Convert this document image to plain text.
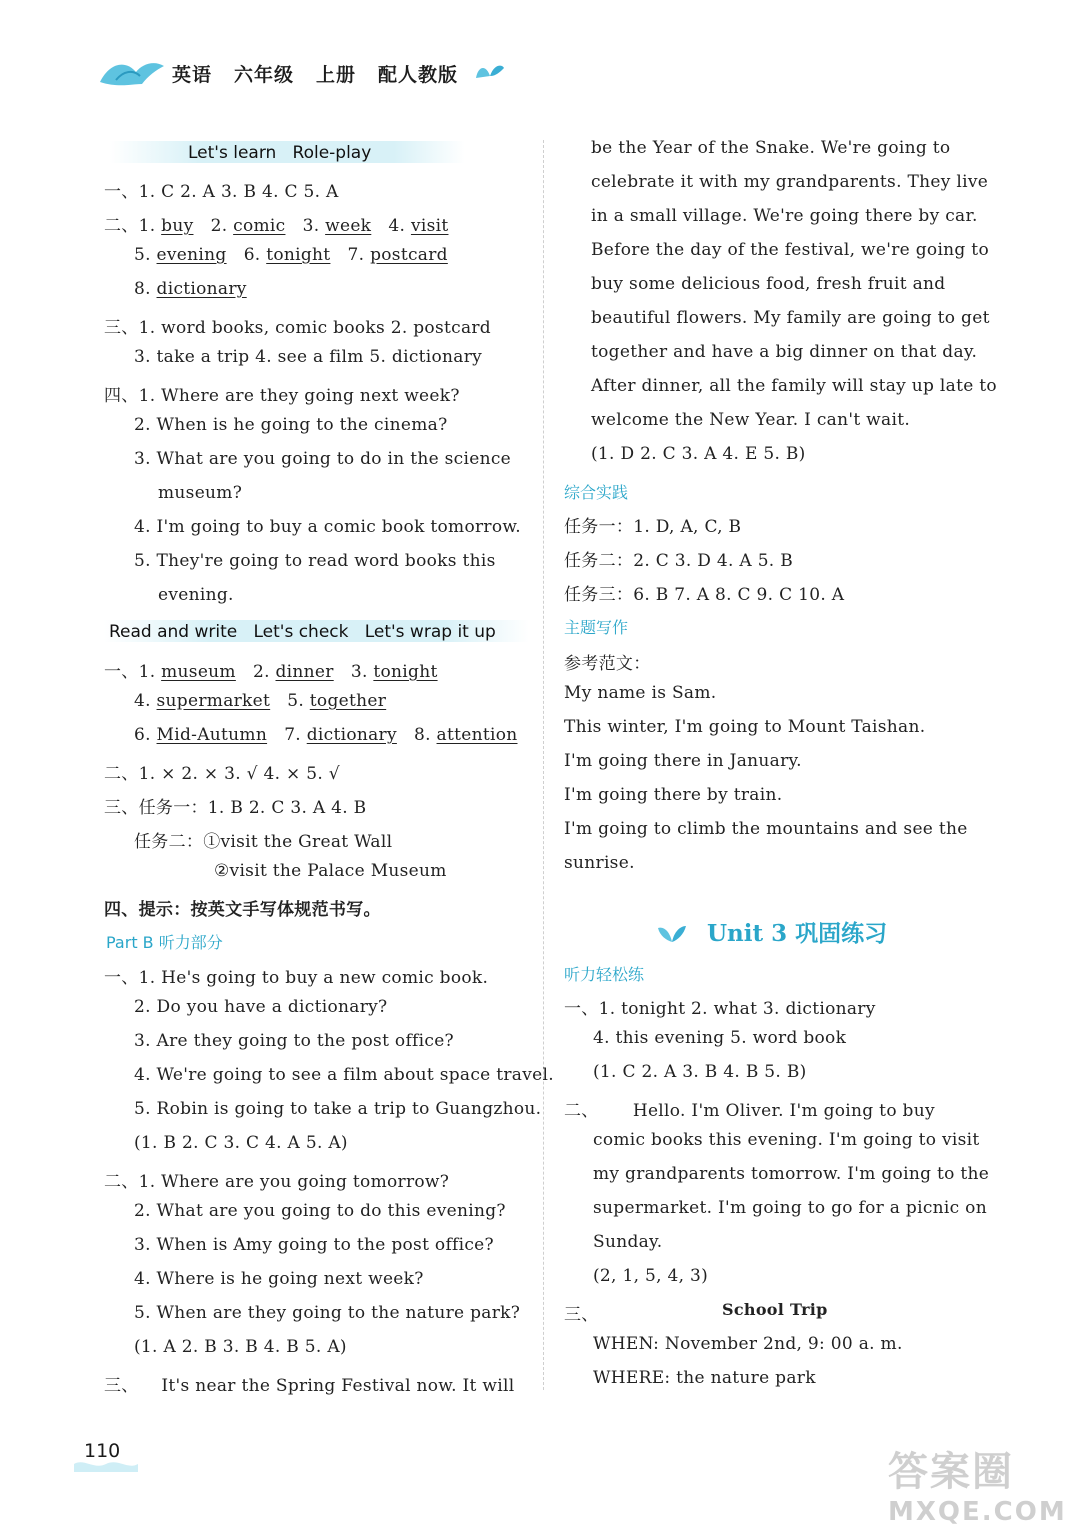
英语 六年级 上册 配人教版
Let's learn Role-play
一、1. C 2. A 3. B 4. C 5. A
二、1. buy   2. comic   3. week   4. visit
5. evening   6. tonight   7. postcard
8. dictionary
三、1. word books, comic books 2. postcard
3. take a trip 4. see a film 5. dictionary
四、1. Where are they going next week?
2. When is he going to the cinema?
3. What are you going to do in the science
museum?
4. I'm going to buy a comic book tomorrow.
5. They're going to read word books this
evening.
Read and write Let's check Let's wrap it up
一、1. museum   2. dinner   3. tonight
4. supermarket   5. together
6. Mid-Autumn   7. dictionary   8. attention
二、1. × 2. × 3. √ 4. × 5. √
三、任务一：1. B 2. C 3. A 4. B
任务二：①visit the Great Wall
②visit the Palace Museum
四、提示：按英文手写体规范书写。
Part B 听力部分
一、1. He's going to buy a new comic book.
2. Do you have a dictionary?
3. Are they going to the post office?
4. We're going to see a film about space travel.
5. Robin is going to take a trip to Guangzhou.
(1. B 2. C 3. C 4. A 5. A)
二、1. Where are you going tomorrow?
2. What are you going to do this evening?
3. When is Amy going to the post office?
4. Where is he going next week?
5. When are they going to the nature park?
(1. A 2. B 3. B 4. B 5. A)
三、    It's near the Spring Festival now. It will
be the Year of the Snake. We're going to
celebrate it with my grandparents. They live
in a small village. We're going there by car.
Before the day of the festival, we're going to
buy some delicious food, fresh fruit and
beautiful flowers. My family are going to get
together and have a big dinner on that day.
After dinner, all the family will stay up late to
welcome the New Year. I can't wait.
(1. D 2. C 3. A 4. E 5. B)
综合实践
任务一：1. D, A, C, B
任务二：2. C 3. D 4. A 5. B
任务三：6. B 7. A 8. C 9. C 10. A
主题写作
参考范文：
My name is Sam.
This winter, I'm going to Mount Taishan.
I'm going there in January.
I'm going there by train.
I'm going to climb the mountains and see the
sunrise.
Unit 3 巩固练习
听力轻松练
一、1. tonight 2. what 3. dictionary
4. this evening 5. word book
(1. C 2. A 3. B 4. B 5. B)
二、      Hello. I'm Oliver. I'm going to buy
comic books this evening. I'm going to visit
my grandparents tomorrow. I'm going to the
supermarket. I'm going to go for a picnic on
Sunday.
(2, 1, 5, 4, 3)
三、	School Trip
WHEN: November 2nd, 9: 00 a. m.
WHERE: the nature park
110	答案圈
MXQE.COM
